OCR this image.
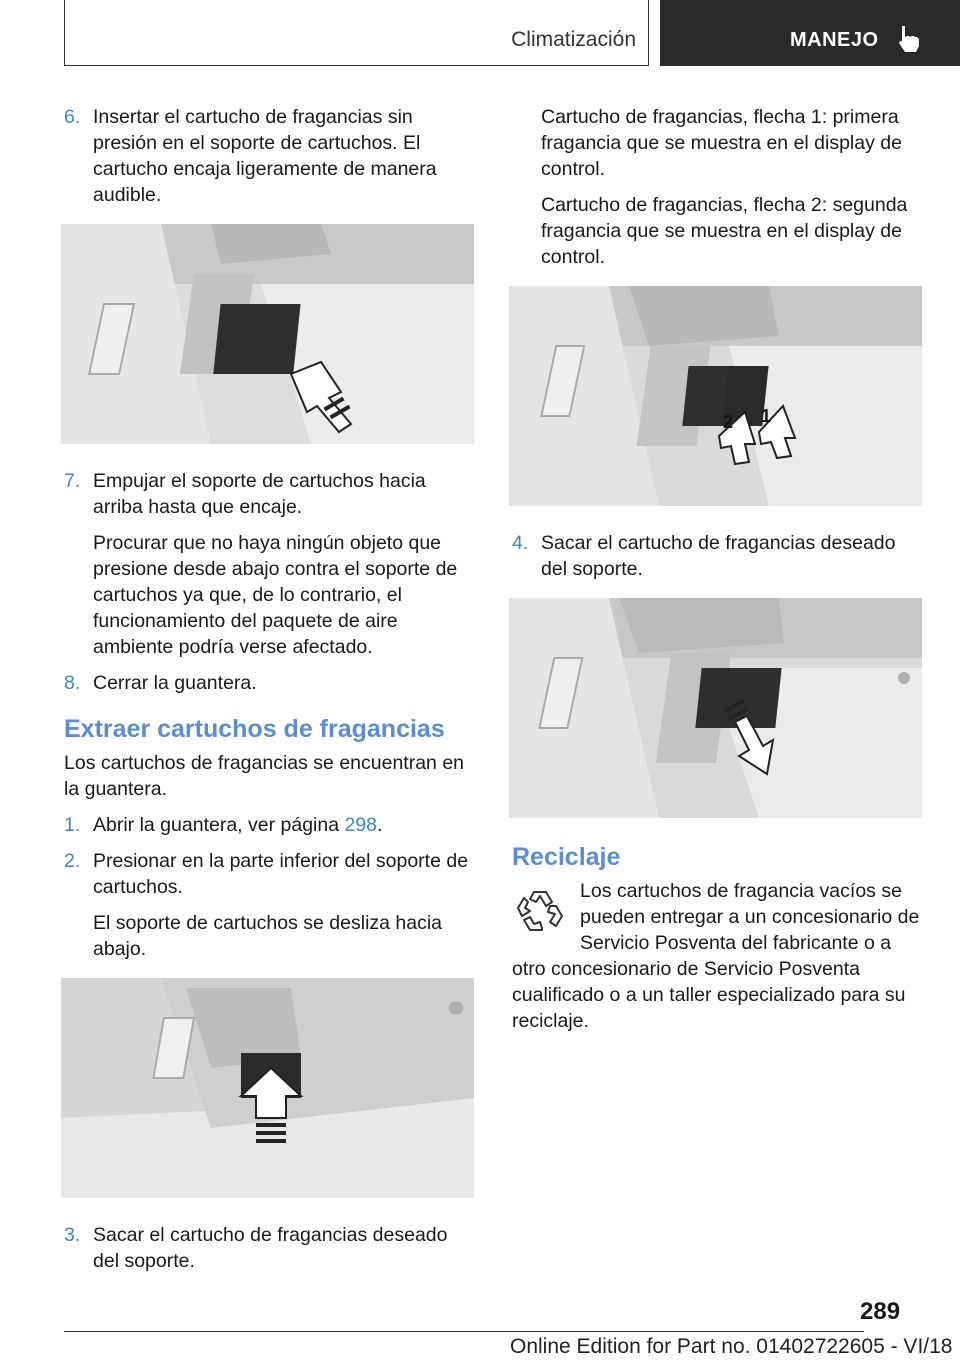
Climatización	MANEJO
6. Insertar el cartucho de fragancias sin presión en el soporte de cartuchos. El cartucho encaja ligeramente de manera audible.
7. Empujar el soporte de cartuchos hacia arriba hasta que encaje.
Procurar que no haya ningún objeto que presione desde abajo contra el soporte de cartuchos ya que, de lo contrario, el funcionamiento del paquete de aire ambiente podría verse afectado.
8. Cerrar la guantera.
Extraer cartuchos de fragancias
Los cartuchos de fragancias se encuentran en la guantera.
1. Abrir la guantera, ver página 298.
2. Presionar en la parte inferior del soporte de cartuchos.
El soporte de cartuchos se desliza hacia abajo.
3. Sacar el cartucho de fragancias deseado del soporte.
Cartucho de fragancias, flecha 1: primera fragancia que se muestra en el display de control.
Cartucho de fragancias, flecha 2: segunda fragancia que se muestra en el display de control.
2 1
4. Sacar el cartucho de fragancias deseado del soporte.
Reciclaje
Los cartuchos de fragancia vacíos se pueden entregar a un concesionario de Servicio Posventa del fabricante o a otro concesionario de Servicio Posventa cualificado o a un taller especializado para su reciclaje.
289
Online Edition for Part no. 01402722605 - VI/18
